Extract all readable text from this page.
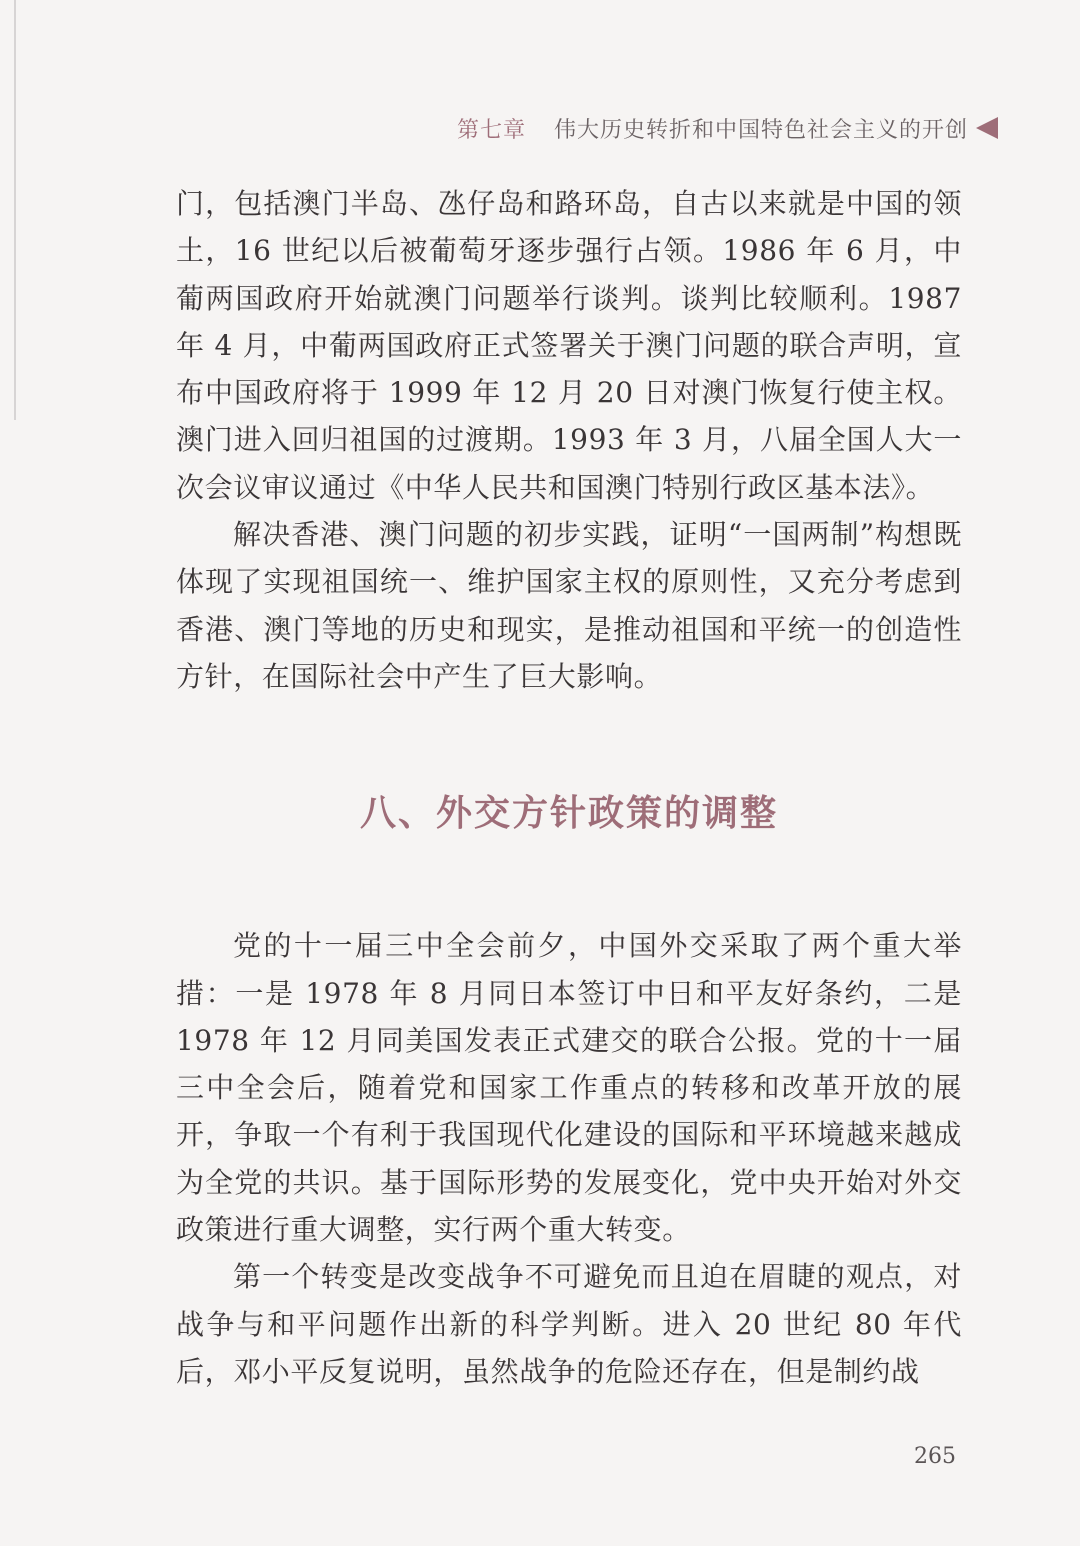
第七章 伟大历史转折和中国特色社会主义的开创

门，包括澳门半岛、氹仔岛和路环岛，自古以来就是中国的领土，16 世纪以后被葡萄牙逐步强行占领。1986 年 6 月，中葡两国政府开始就澳门问题举行谈判。谈判比较顺利。1987 年 4 月，中葡两国政府正式签署关于澳门问题的联合声明，宣布中国政府将于 1999 年 12 月 20 日对澳门恢复行使主权。澳门进入回归祖国的过渡期。1993 年 3 月，八届全国人大一次会议审议通过《中华人民共和国澳门特别行政区基本法》。

解决香港、澳门问题的初步实践，证明“一国两制”构想既体现了实现祖国统一、维护国家主权的原则性，又充分考虑到香港、澳门等地的历史和现实，是推动祖国和平统一的创造性方针，在国际社会中产生了巨大影响。

八、外交方针政策的调整

党的十一届三中全会前夕，中国外交采取了两个重大举措：一是 1978 年 8 月同日本签订中日和平友好条约，二是 1978 年 12 月同美国发表正式建交的联合公报。党的十一届三中全会后，随着党和国家工作重点的转移和改革开放的展开，争取一个有利于我国现代化建设的国际和平环境越来越成为全党的共识。基于国际形势的发展变化，党中央开始对外交政策进行重大调整，实行两个重大转变。

第一个转变是改变战争不可避免而且迫在眉睫的观点，对战争与和平问题作出新的科学判断。进入 20 世纪 80 年代后，邓小平反复说明，虽然战争的危险还存在，但是制约战

265
